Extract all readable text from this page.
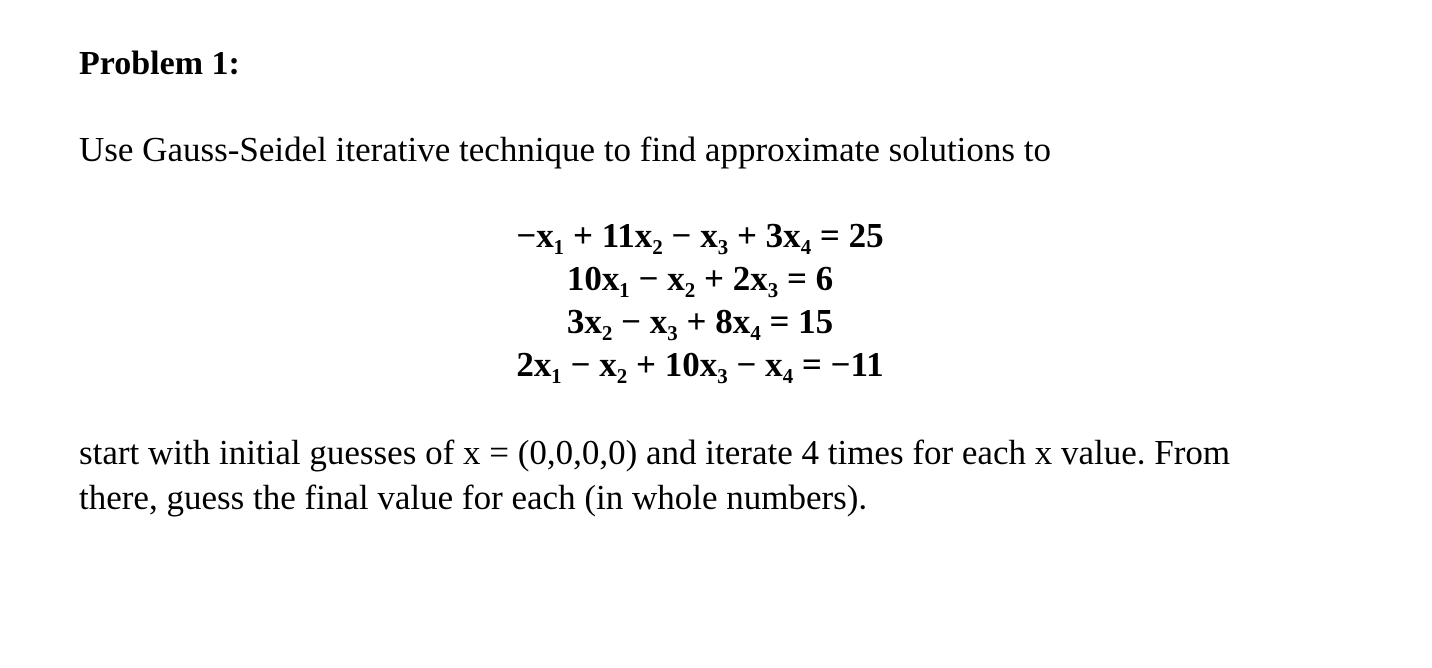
Problem 1:
Use Gauss-Seidel iterative technique to find approximate solutions to
−x₁ + 11x₂ − x₃ + 3x₄ = 25
10x₁ − x₂ + 2x₃ = 6
3x₂ − x₃ + 8x₄ = 15
2x₁ − x₂ + 10x₃ − x₄ = −11
start with initial guesses of x = (0,0,0,0) and iterate 4 times for each x value. From
there, guess the final value for each (in whole numbers).
